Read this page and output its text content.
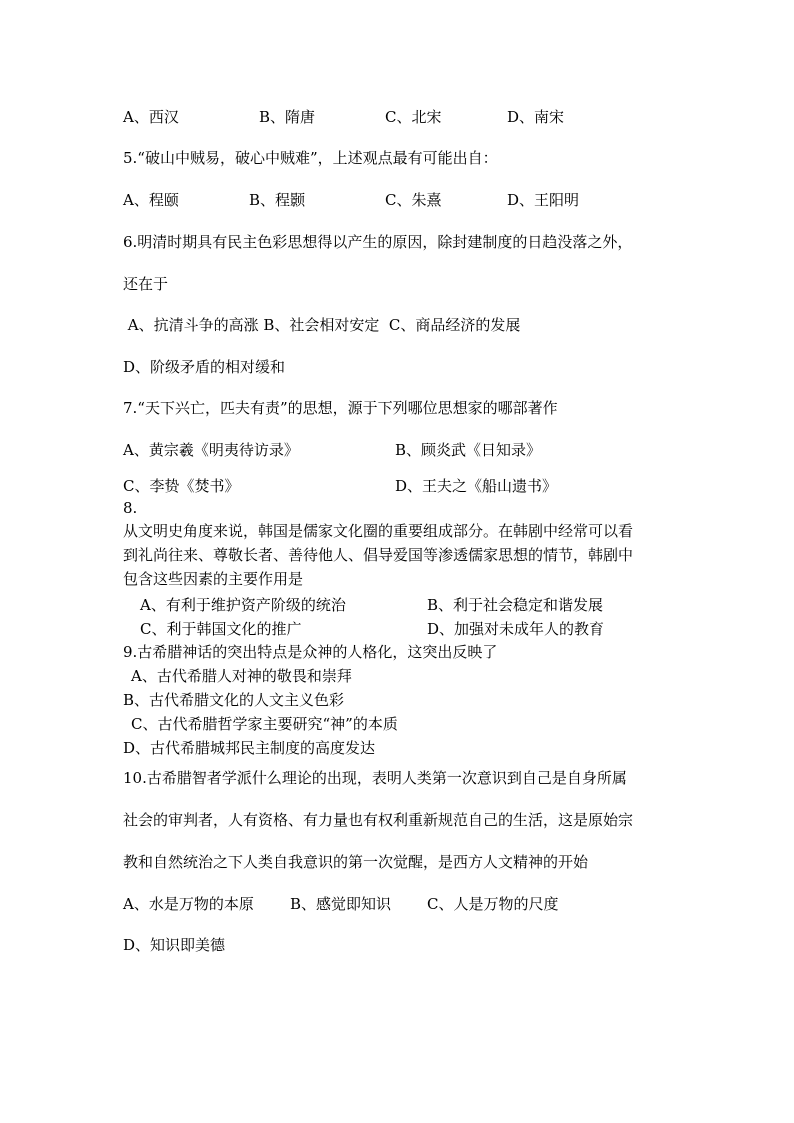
A、西汉	B、隋唐	C、北宋	D、南宋
5.“破山中贼易，破心中贼难”，上述观点最有可能出自：
A、程颐	B、程颢	C、朱熹	D、王阳明
6.明清时期具有民主色彩思想得以产生的原因，除封建制度的日趋没落之外，
还在于
A、抗清斗争的高涨 B、社会相对安定  C、商品经济的发展
D、阶级矛盾的相对缓和
7.“天下兴亡，匹夫有责”的思想，源于下列哪位思想家的哪部著作
A、黄宗羲《明夷待访录》	B、顾炎武《日知录》
C、李贽《焚书》	D、王夫之《船山遗书》
8.
从文明史角度来说，韩国是儒家文化圈的重要组成部分。在韩剧中经常可以看
到礼尚往来、尊敬长者、善待他人、倡导爱国等渗透儒家思想的情节，韩剧中
包含这些因素的主要作用是
A、有利于维护资产阶级的统治	B、利于社会稳定和谐发展
C、利于韩国文化的推广	D、加强对未成年人的教育
9.古希腊神话的突出特点是众神的人格化，这突出反映了
A、古代希腊人对神的敬畏和崇拜
B、古代希腊文化的人文主义色彩
C、古代希腊哲学家主要研究“神”的本质
D、古代希腊城邦民主制度的高度发达
10.古希腊智者学派什么理论的出现，表明人类第一次意识到自己是自身所属
社会的审判者，人有资格、有力量也有权利重新规范自己的生活，这是原始宗
教和自然统治之下人类自我意识的第一次觉醒，是西方人文精神的开始
A、水是万物的本原 B、感觉即知识 C、人是万物的尺度
D、知识即美德
